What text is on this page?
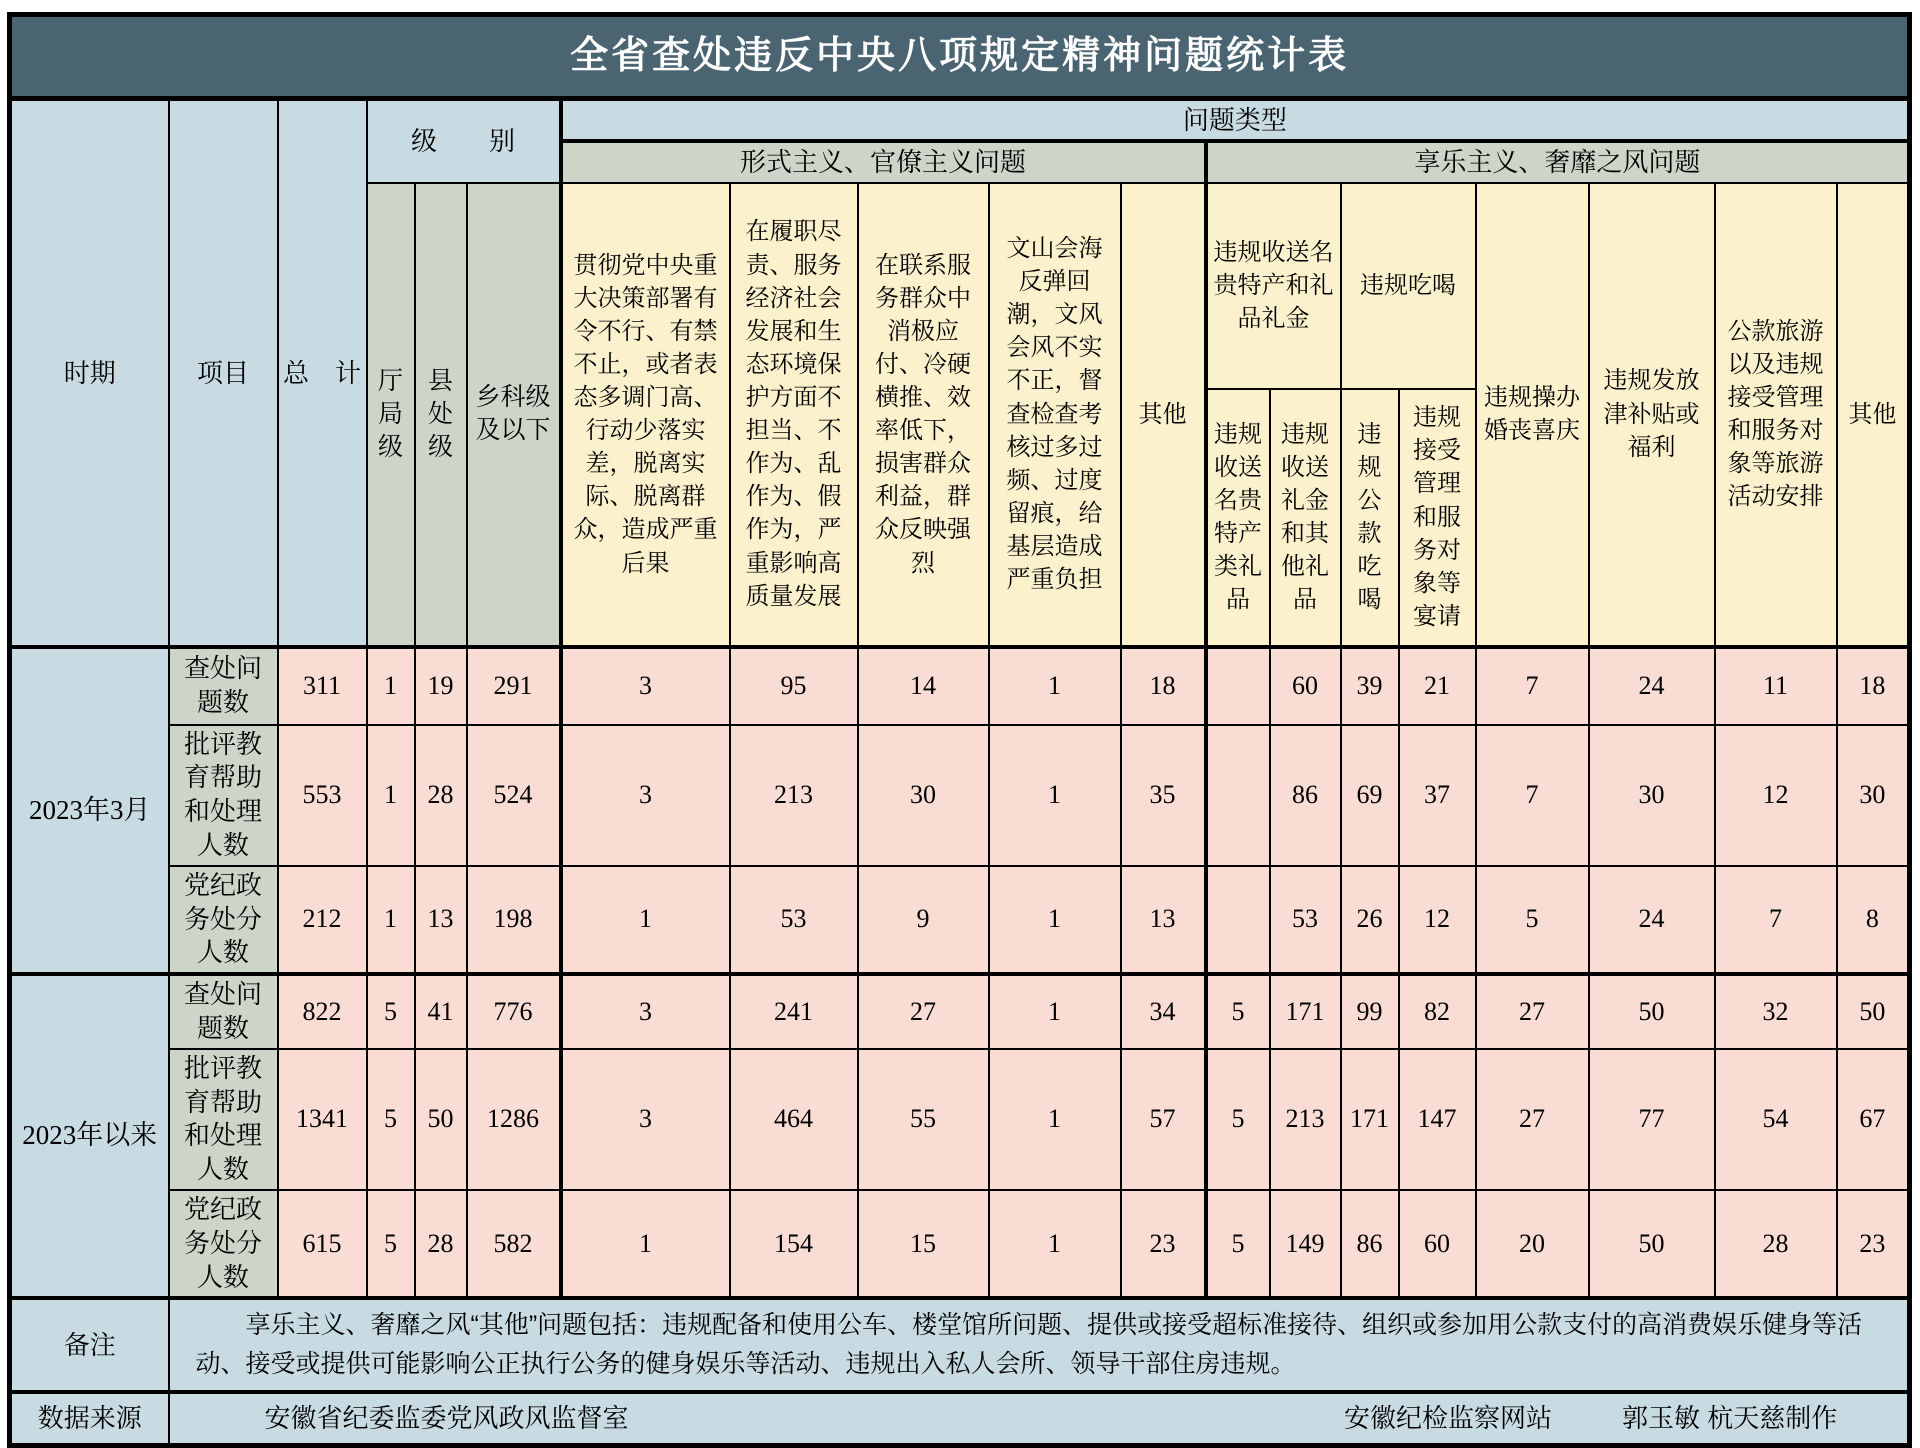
全省查处违反中央八项规定精神问题统计表																		
时期	项目	总　计	级　　别			问题类型												
						形式主义、官僚主义问题					享乐主义、奢靡之风问题							
			厅局级	县处级	乡科级及以下	贯彻党中央重大决策部署有令不行、有禁不止，或者表态多调门高、行动少落实差，脱离实际、脱离群众，造成严重后果	在履职尽责、服务经济社会发展和生态环境保护方面不担当、不作为、乱作为、假作为，严重影响高质量发展	在联系服务群众中消极应付、冷硬横推、效率低下，损害群众利益，群众反映强烈	文山会海反弹回潮，文风会风不实不正，督查检查考核过多过频、过度留痕，给基层造成严重负担	其他	违规收送名贵特产和礼品礼金		违规吃喝		违规操办婚丧喜庆	违规发放津补贴或福利	公款旅游以及违规接受管理和服务对象等旅游活动安排	其他
											违规收送名贵特产类礼品	违规收送礼金和其他礼品	违规公款吃喝	违规接受管理和服务对象等宴请				
2023年3月	查处问题数	311	1	19	291	3	95	14	1	18		60	39	21	7	24	11	18
	批评教育帮助和处理人数	553	1	28	524	3	213	30	1	35		86	69	37	7	30	12	30
	党纪政务处分人数	212	1	13	198	1	53	9	1	13		53	26	12	5	24	7	8
2023年以来	查处问题数	822	5	41	776	3	241	27	1	34	5	171	99	82	27	50	32	50
	批评教育帮助和处理人数	1341	5	50	1286	3	464	55	1	57	5	213	171	147	27	77	54	67
	党纪政务处分人数	615	5	28	582	1	154	15	1	23	5	149	86	60	20	50	28	23
备注	享乐主义、奢靡之风“其他”问题包括：违规配备和使用公车、楼堂馆所问题、提供或接受超标准接待、组织或参加用公款支付的高消费娱乐健身等活动、接受或提供可能影响公正执行公务的健身娱乐等活动、违规出入私人会所、领导干部住房违规。																	

数据来源	安徽省纪委监委党风政风监督室 安徽纪检监察网站 郭玉敏 杭天慈制作																	
